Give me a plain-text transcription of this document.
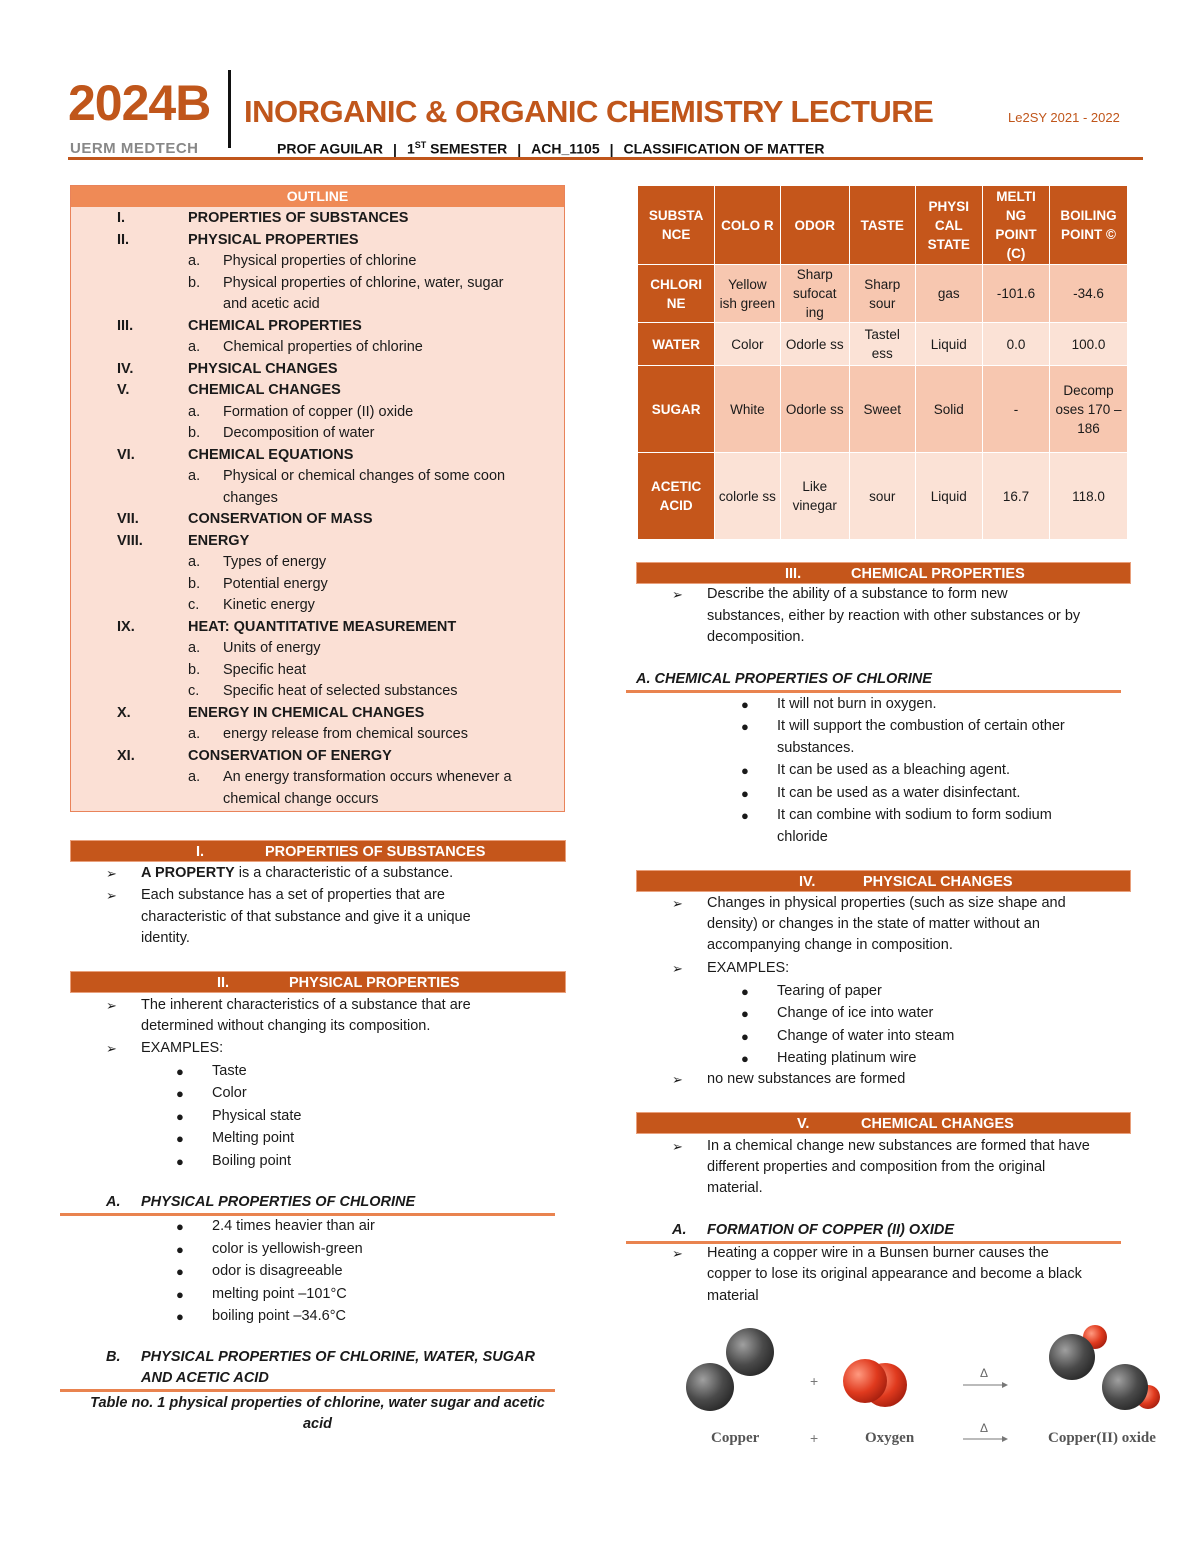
2024B
UERM MEDTECH
INORGANIC & ORGANIC CHEMISTRY LECTURE	Le2SY 2021 - 2022
PROF AGUILAR | 1ST SEMESTER | ACH_1105 | CLASSIFICATION OF MATTER
OUTLINE
I.	PROPERTIES OF SUBSTANCES
II.	PHYSICAL PROPERTIES
a. Physical properties of chlorine
b. Physical properties of chlorine, water, sugar
and acetic acid
III.	CHEMICAL PROPERTIES
a. Chemical properties of chlorine
IV.	PHYSICAL CHANGES
V.	CHEMICAL CHANGES
a. Formation of copper (II) oxide
b. Decomposition of water
VI.	CHEMICAL EQUATIONS
a. Physical or chemical changes of some coon
changes
VII.	CONSERVATION OF MASS
VIII.	ENERGY
a. Types of energy
b. Potential energy
c. Kinetic energy
IX.	HEAT: QUANTITATIVE MEASUREMENT
a. Units of energy
b. Specific heat
c. Specific heat of selected substances
X.	ENERGY IN CHEMICAL CHANGES
a. energy release from chemical sources
XI.	CONSERVATION OF ENERGY
a. An energy transformation occurs whenever a
chemical change occurs
I.	PROPERTIES OF SUBSTANCES
➢ A PROPERTY is a characteristic of a substance.
➢ Each substance has a set of properties that are
characteristic of that substance and give it a unique
identity.
II.	PHYSICAL PROPERTIES
➢ The inherent characteristics of a substance that are
determined without changing its composition.
➢ EXAMPLES:
● Taste
● Color
● Physical state
● Melting point
● Boiling point
A. PHYSICAL PROPERTIES OF CHLORINE
● 2.4 times heavier than air
● color is yellowish-green
● odor is disagreeable
● melting point –101°C
● boiling point –34.6°C
B. PHYSICAL PROPERTIES OF CHLORINE, WATER, SUGAR
AND ACETIC ACID
Table no. 1 physical properties of chlorine, water sugar and acetic
acid
SUBSTA NCE	COLO R	ODOR	TASTE	PHYSI CAL STATE	MELTI NG POINT (C)	BOILING POINT ©
CHLORI NE	Yellow ish green	Sharp sufocat ing	Sharp sour	gas	-101.6	-34.6
WATER	Color	Odorle ss	Tastel ess	Liquid	0.0	100.0
SUGAR	White	Odorle ss	Sweet	Solid	-	Decomp oses 170 – 186
ACETIC ACID	colorle ss	Like vinegar	sour	Liquid	16.7	118.0
III.	CHEMICAL PROPERTIES
➢ Describe the ability of a substance to form new
substances, either by reaction with other substances or by
decomposition.
A. CHEMICAL PROPERTIES OF CHLORINE
● It will not burn in oxygen.
● It will support the combustion of certain other
substances.
● It can be used as a bleaching agent.
● It can be used as a water disinfectant.
● It can combine with sodium to form sodium
chloride
IV.	PHYSICAL CHANGES
➢ Changes in physical properties (such as size shape and
density) or changes in the state of matter without an
accompanying change in composition.
➢ EXAMPLES:
● Tearing of paper
● Change of ice into water
● Change of water into steam
● Heating platinum wire
➢ no new substances are formed
V.	CHEMICAL CHANGES
➢ In a chemical change new substances are formed that have
different properties and composition from the original
material.
A. FORMATION OF COPPER (II) OXIDE
➢ Heating a copper wire in a Bunsen burner causes the
copper to lose its original appearance and become a black
material
+	Δ
+
Δ
Copper	Oxygen	Copper(II) oxide
